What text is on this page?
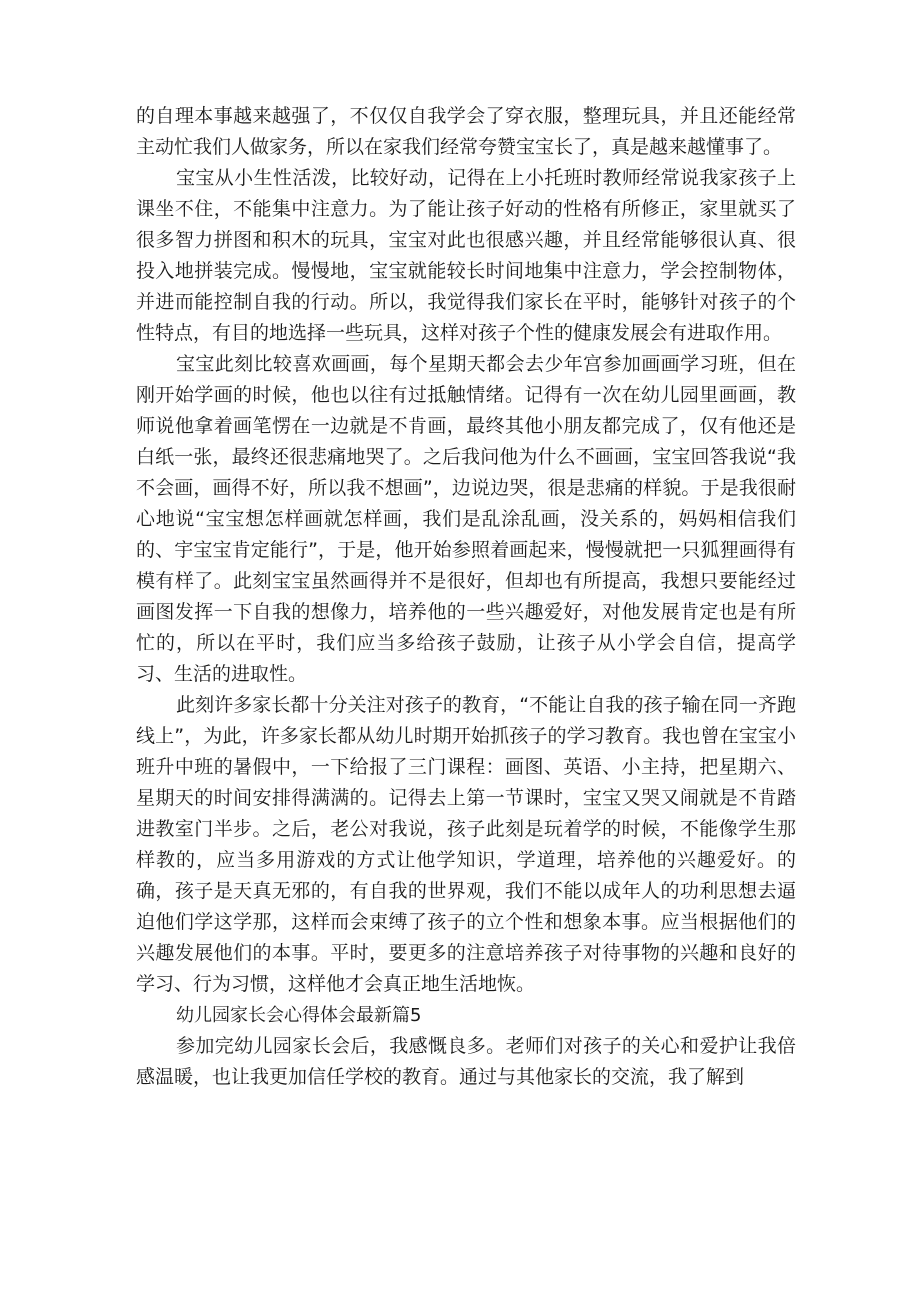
的自理本事越来越强了，不仅仅自我学会了穿衣服，整理玩具，并且还能经常主动忙我们人做家务，所以在家我们经常夸赞宝宝长了，真是越来越懂事了。

宝宝从小生性活泼，比较好动，记得在上小托班时教师经常说我家孩子上课坐不住，不能集中注意力。为了能让孩子好动的性格有所修正，家里就买了很多智力拼图和积木的玩具，宝宝对此也很感兴趣，并且经常能够很认真、很投入地拼装完成。慢慢地，宝宝就能较长时间地集中注意力，学会控制物体，并进而能控制自我的行动。所以，我觉得我们家长在平时，能够针对孩子的个性特点，有目的地选择一些玩具，这样对孩子个性的健康发展会有进取作用。

宝宝此刻比较喜欢画画，每个星期天都会去少年宫参加画画学习班，但在刚开始学画的时候，他也以往有过抵触情绪。记得有一次在幼儿园里画画，教师说他拿着画笔愣在一边就是不肯画，最终其他小朋友都完成了，仅有他还是白纸一张，最终还很悲痛地哭了。之后我问他为什么不画画，宝宝回答我说“我不会画，画得不好，所以我不想画”，边说边哭，很是悲痛的样貌。于是我很耐心地说“宝宝想怎样画就怎样画，我们是乱涂乱画，没关系的，妈妈相信我们的、宇宝宝肯定能行”，于是，他开始参照着画起来，慢慢就把一只狐狸画得有模有样了。此刻宝宝虽然画得并不是很好，但却也有所提高，我想只要能经过画图发挥一下自我的想像力，培养他的一些兴趣爱好，对他发展肯定也是有所忙的，所以在平时，我们应当多给孩子鼓励，让孩子从小学会自信，提高学习、生活的进取性。

此刻许多家长都十分关注对孩子的教育，“不能让自我的孩子输在同一齐跑线上”，为此，许多家长都从幼儿时期开始抓孩子的学习教育。我也曾在宝宝小班升中班的暑假中，一下给报了三门课程：画图、英语、小主持，把星期六、星期天的时间安排得满满的。记得去上第一节课时，宝宝又哭又闹就是不肯踏进教室门半步。之后，老公对我说，孩子此刻是玩着学的时候，不能像学生那样教的，应当多用游戏的方式让他学知识，学道理，培养他的兴趣爱好。的确，孩子是天真无邪的，有自我的世界观，我们不能以成年人的功利思想去逼迫他们学这学那，这样而会束缚了孩子的立个性和想象本事。应当根据他们的兴趣发展他们的本事。平时，要更多的注意培养孩子对待事物的兴趣和良好的学习、行为习惯，这样他才会真正地生活地恢。

幼儿园家长会心得体会最新篇5

参加完幼儿园家长会后，我感慨良多。老师们对孩子的关心和爱护让我倍感温暖，也让我更加信任学校的教育。通过与其他家长的交流，我了解到
